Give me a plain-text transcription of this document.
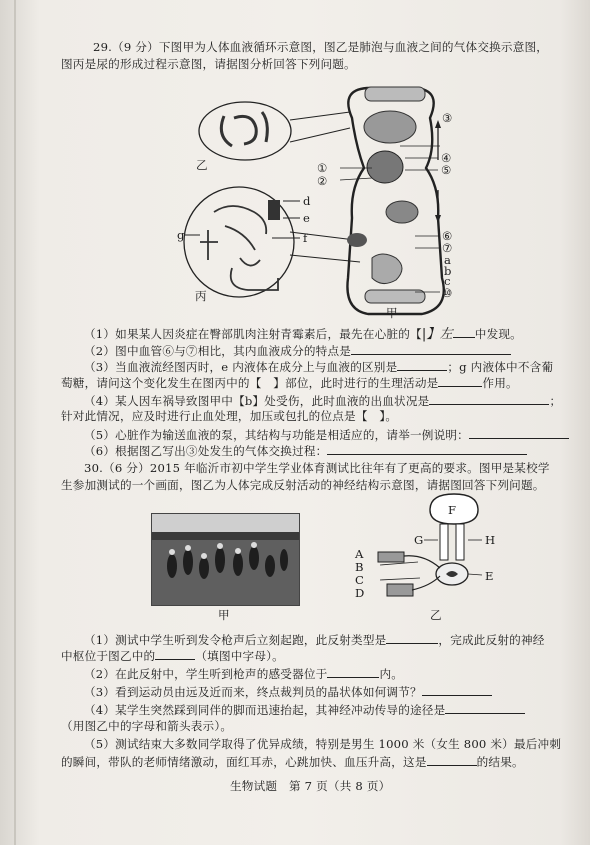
29.（9 分）下图甲为人体血液循环示意图，图乙是肺泡与血液之间的气体交换示意图，
图丙是尿的形成过程示意图，请据图分析回答下列问题。
乙
丙
甲
③
①
②
④
⑤
⑥
⑦
a
b
c
⑩
d
e
f
g
（1）如果某人因炎症在臀部肌肉注射青霉素后，最先在心脏的【|】左 中发现。
（2）图中血管⑥与⑦相比，其内血液成分的特点是
（3）当血液流经图丙时，e 内液体在成分上与血液的区别是	；g 内液体中不含葡
萄糖，请问这个变化发生在图丙中的【　】部位，此时进行的生理活动是	作用。
（4）某人因车祸导致图甲中【b】处受伤，此时血液的出血状况是	；
针对此情况，应及时进行止血处理，加压或包扎的位点是【　】。
（5）心脏作为输送血液的泵，其结构与功能是相适应的，请举一例说明：
（6）根据图乙写出③处发生的气体交换过程：
30.（6 分）2015 年临沂市初中学生学业体育测试比往年有了更高的要求。图甲是某校学
生参加测试的一个画面，图乙为人体完成反射活动的神经结构示意图，请据图回答下列问题。
甲
A
B
C
D
F
G	H
E
乙
（1）测试中学生听到发令枪声后立刻起跑，此反射类型是	，完成此反射的神经
中枢位于图乙中的	（填图中字母）。
（2）在此反射中，学生听到枪声的感受器位于	内。
（3）看到运动员由远及近而来，终点裁判员的晶状体如何调节？
（4）某学生突然踩到同伴的脚而迅速抬起，其神经冲动传导的途径是
（用图乙中的字母和箭头表示）。
（5）测试结束大多数同学取得了优异成绩，特别是男生 1000 米（女生 800 米）最后冲刺
的瞬间，带队的老师情绪激动，面红耳赤，心跳加快、血压升高，这是	的结果。
生物试题　第 7 页（共 8 页）
